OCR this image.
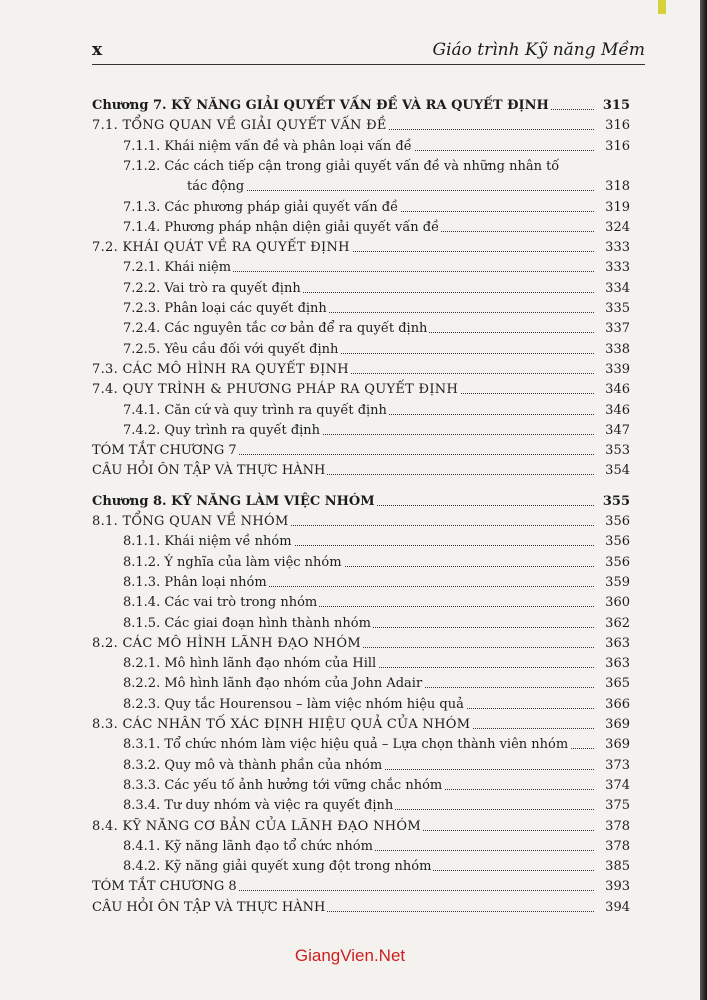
x	Giáo trình Kỹ năng Mềm
Chương 7. KỸ NĂNG GIẢI QUYẾT VẤN ĐỀ VÀ RA QUYẾT ĐỊNH	315
7.1. TỔNG QUAN VỀ GIẢI QUYẾT VẤN ĐỀ	316
7.1.1. Khái niệm vấn đề và phân loại vấn đề	316
7.1.2. Các cách tiếp cận trong giải quyết vấn đề và những nhân tố
tác động	318
7.1.3. Các phương pháp giải quyết vấn đề	319
7.1.4. Phương pháp nhận diện giải quyết vấn đề	324
7.2. KHÁI QUÁT VỀ RA QUYẾT ĐỊNH	333
7.2.1. Khái niệm	333
7.2.2. Vai trò ra quyết định	334
7.2.3. Phân loại các quyết định	335
7.2.4. Các nguyên tắc cơ bản để ra quyết định	337
7.2.5. Yêu cầu đối với quyết định	338
7.3. CÁC MÔ HÌNH RA QUYẾT ĐỊNH	339
7.4. QUY TRÌNH & PHƯƠNG PHÁP RA QUYẾT ĐỊNH	346
7.4.1. Căn cứ và quy trình ra quyết định	346
7.4.2. Quy trình ra quyết định	347
TÓM TẮT CHƯƠNG 7	353
CÂU HỎI ÔN TẬP VÀ THỰC HÀNH	354
Chương 8. KỸ NĂNG LÀM VIỆC NHÓM	355
8.1. TỔNG QUAN VỀ NHÓM	356
8.1.1. Khái niệm về nhóm	356
8.1.2. Ý nghĩa của làm việc nhóm	356
8.1.3. Phân loại nhóm	359
8.1.4. Các vai trò trong nhóm	360
8.1.5. Các giai đoạn hình thành nhóm	362
8.2. CÁC MÔ HÌNH LÃNH ĐẠO NHÓM	363
8.2.1. Mô hình lãnh đạo nhóm của Hill	363
8.2.2. Mô hình lãnh đạo nhóm của John Adair	365
8.2.3. Quy tắc Hourensou – làm việc nhóm hiệu quả	366
8.3. CÁC NHÂN TỐ XÁC ĐỊNH HIỆU QUẢ CỦA NHÓM	369
8.3.1. Tổ chức nhóm làm việc hiệu quả – Lựa chọn thành viên nhóm	369
8.3.2. Quy mô và thành phần của nhóm	373
8.3.3. Các yếu tố ảnh hưởng tới vững chắc nhóm	374
8.3.4. Tư duy nhóm và việc ra quyết định	375
8.4. KỸ NĂNG CƠ BẢN CỦA LÃNH ĐẠO NHÓM	378
8.4.1. Kỹ năng lãnh đạo tổ chức nhóm	378
8.4.2. Kỹ năng giải quyết xung đột trong nhóm	385
TÓM TẮT CHƯƠNG 8	393
CÂU HỎI ÔN TẬP VÀ THỰC HÀNH	394
GiangVien.Net
